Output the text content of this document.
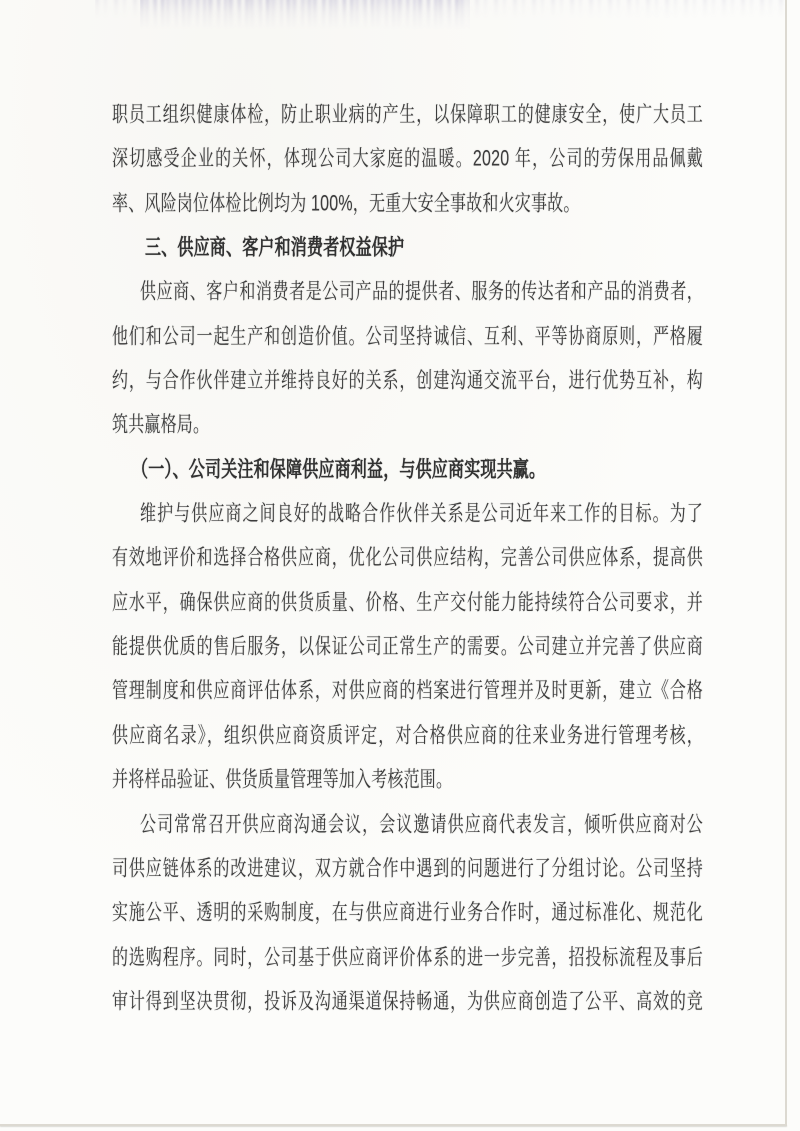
职员工组织健康体检，防止职业病的产生，以保障职工的健康安全，使广大员工
深切感受企业的关怀，体现公司大家庭的温暖。2020 年，公司的劳保用品佩戴
率、风险岗位体检比例均为 100%，无重大安全事故和火灾事故。
三、供应商、客户和消费者权益保护
供应商、客户和消费者是公司产品的提供者、服务的传达者和产品的消费者，
他们和公司一起生产和创造价值。公司坚持诚信、互利、平等协商原则，严格履
约，与合作伙伴建立并维持良好的关系，创建沟通交流平台，进行优势互补，构
筑共赢格局。
（一）、公司关注和保障供应商利益，与供应商实现共赢。
维护与供应商之间良好的战略合作伙伴关系是公司近年来工作的目标。为了
有效地评价和选择合格供应商，优化公司供应结构，完善公司供应体系，提高供
应水平，确保供应商的供货质量、价格、生产交付能力能持续符合公司要求，并
能提供优质的售后服务，以保证公司正常生产的需要。公司建立并完善了供应商
管理制度和供应商评估体系，对供应商的档案进行管理并及时更新，建立《合格
供应商名录》，组织供应商资质评定，对合格供应商的往来业务进行管理考核，
并将样品验证、供货质量管理等加入考核范围。
公司常常召开供应商沟通会议，会议邀请供应商代表发言，倾听供应商对公
司供应链体系的改进建议，双方就合作中遇到的问题进行了分组讨论。公司坚持
实施公平、透明的采购制度，在与供应商进行业务合作时，通过标准化、规范化
的选购程序。同时，公司基于供应商评价体系的进一步完善，招投标流程及事后
审计得到坚决贯彻，投诉及沟通渠道保持畅通，为供应商创造了公平、高效的竞
